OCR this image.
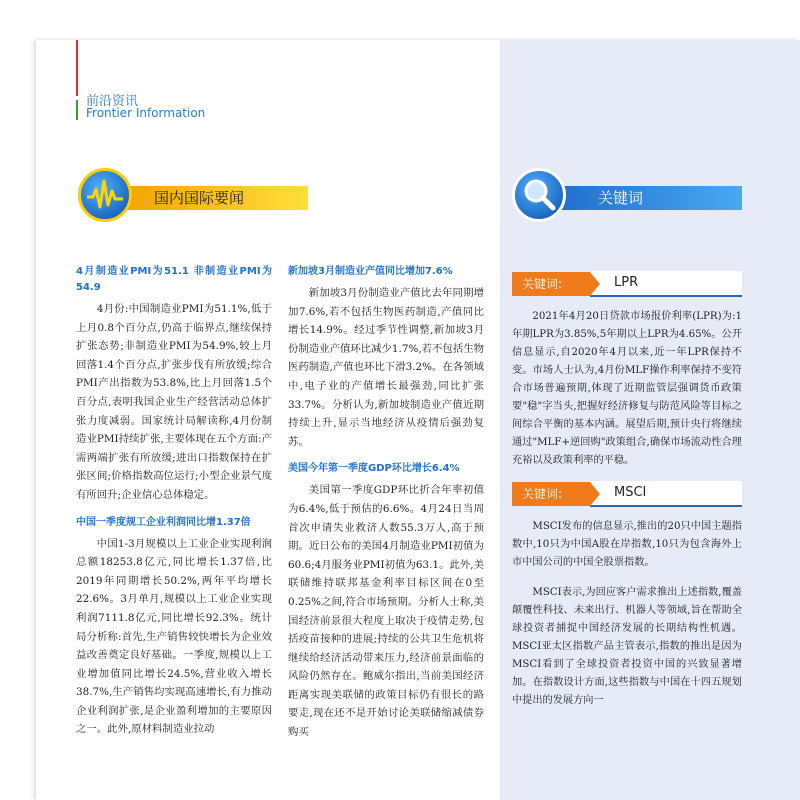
前沿资讯
Frontier Information
国内国际要闻	关键词
4月制造业PMI为51.1 非制造业PMI为54.9

4月份:中国制造业PMI为51.1%,低于上月0.8个百分点,仍高于临界点,继续保持扩张态势;非制造业PMI为54.9%,较上月回落1.4个百分点,扩张步伐有所放缓;综合PMI产出指数为53.8%,比上月回落1.5个百分点,表明我国企业生产经营活动总体扩张力度减弱。国家统计局解读称,4月份制造业PMI持续扩张,主要体现在五个方面:产需两端扩张有所放缓;进出口指数保持在扩张区间;价格指数高位运行;小型企业景气度有所回升;企业信心总体稳定。

中国一季度规工企业利润同比增1.37倍

中国1-3月规模以上工业企业实现利润总额18253.8亿元,同比增长1.37倍,比2019年同期增长50.2%,两年平均增长22.6%。3月单月,规模以上工业企业实现利润7111.8亿元,同比增长92.3%。统计局分析称:首先,生产销售较快增长为企业效益改善奠定良好基础。一季度,规模以上工业增加值同比增长24.5%,营业收入增长38.7%,生产销售均实现高速增长,有力推动企业利润扩张,是企业盈利增加的主要原因之一。此外,原材料制造业拉动

新加坡3月制造业产值同比增加7.6%

新加坡3月份制造业产值比去年同期增加7.6%,若不包括生物医药制造,产值同比增长14.9%。经过季节性调整,新加坡3月份制造业产值环比减少1.7%,若不包括生物医药制造,产值也环比下滑3.2%。在各领域中,电子业的产值增长最强劲,同比扩张33.7%。分析认为,新加坡制造业产值近期持续上升,显示当地经济从疫情后强劲复苏。

美国今年第一季度GDP环比增长6.4%

美国第一季度GDP环比折合年率初值为6.4%,低于预估的6.6%。4月24日当周首次申请失业救济人数55.3万人,高于预期。近日公布的美国4月制造业PMI初值为60.6;4月服务业PMI初值为63.1。此外,美联储维持联邦基金利率目标区间在0至0.25%之间,符合市场预期。分析人士称,美国经济前景很大程度上取决于疫情走势,包括疫苗接种的进展;持续的公共卫生危机将继续给经济活动带来压力,经济前景面临的风险仍然存在。鲍威尔指出,当前美国经济距离实现美联储的政策目标仍有很长的路要走,现在还不是开始讨论美联储缩减债券购买

关键词:	LPR

2021年4月20日贷款市场报价利率(LPR)为:1年期LPR为3.85%,5年期以上LPR为4.65%。公开信息显示,自2020年4月以来,近一年LPR保持不变。市场人士认为,4月份MLF操作利率保持不变符合市场普遍预期,体现了近期监管层强调货币政策要"稳"字当头,把握好经济修复与防范风险等目标之间综合平衡的基本内涵。展望后期,预计央行将继续通过"MLF+逆回购"政策组合,确保市场流动性合理充裕以及政策利率的平稳。

关键词:	MSCI

MSCI发布的信息显示,推出的20只中国主题指数中,10只为中国A股在岸指数,10只为包含海外上市中国公司的中国全股票指数。

MSCI表示,为回应客户需求推出上述指数,覆盖颠覆性科技、未来出行、机器人等领域,旨在帮助全球投资者捕捉中国经济发展的长期结构性机遇。MSCI亚太区指数产品主管表示,指数的推出是因为MSCI看到了全球投资者投资中国的兴致显著增加。在指数设计方面,这些指数与中国在十四五规划中提出的发展方向一
